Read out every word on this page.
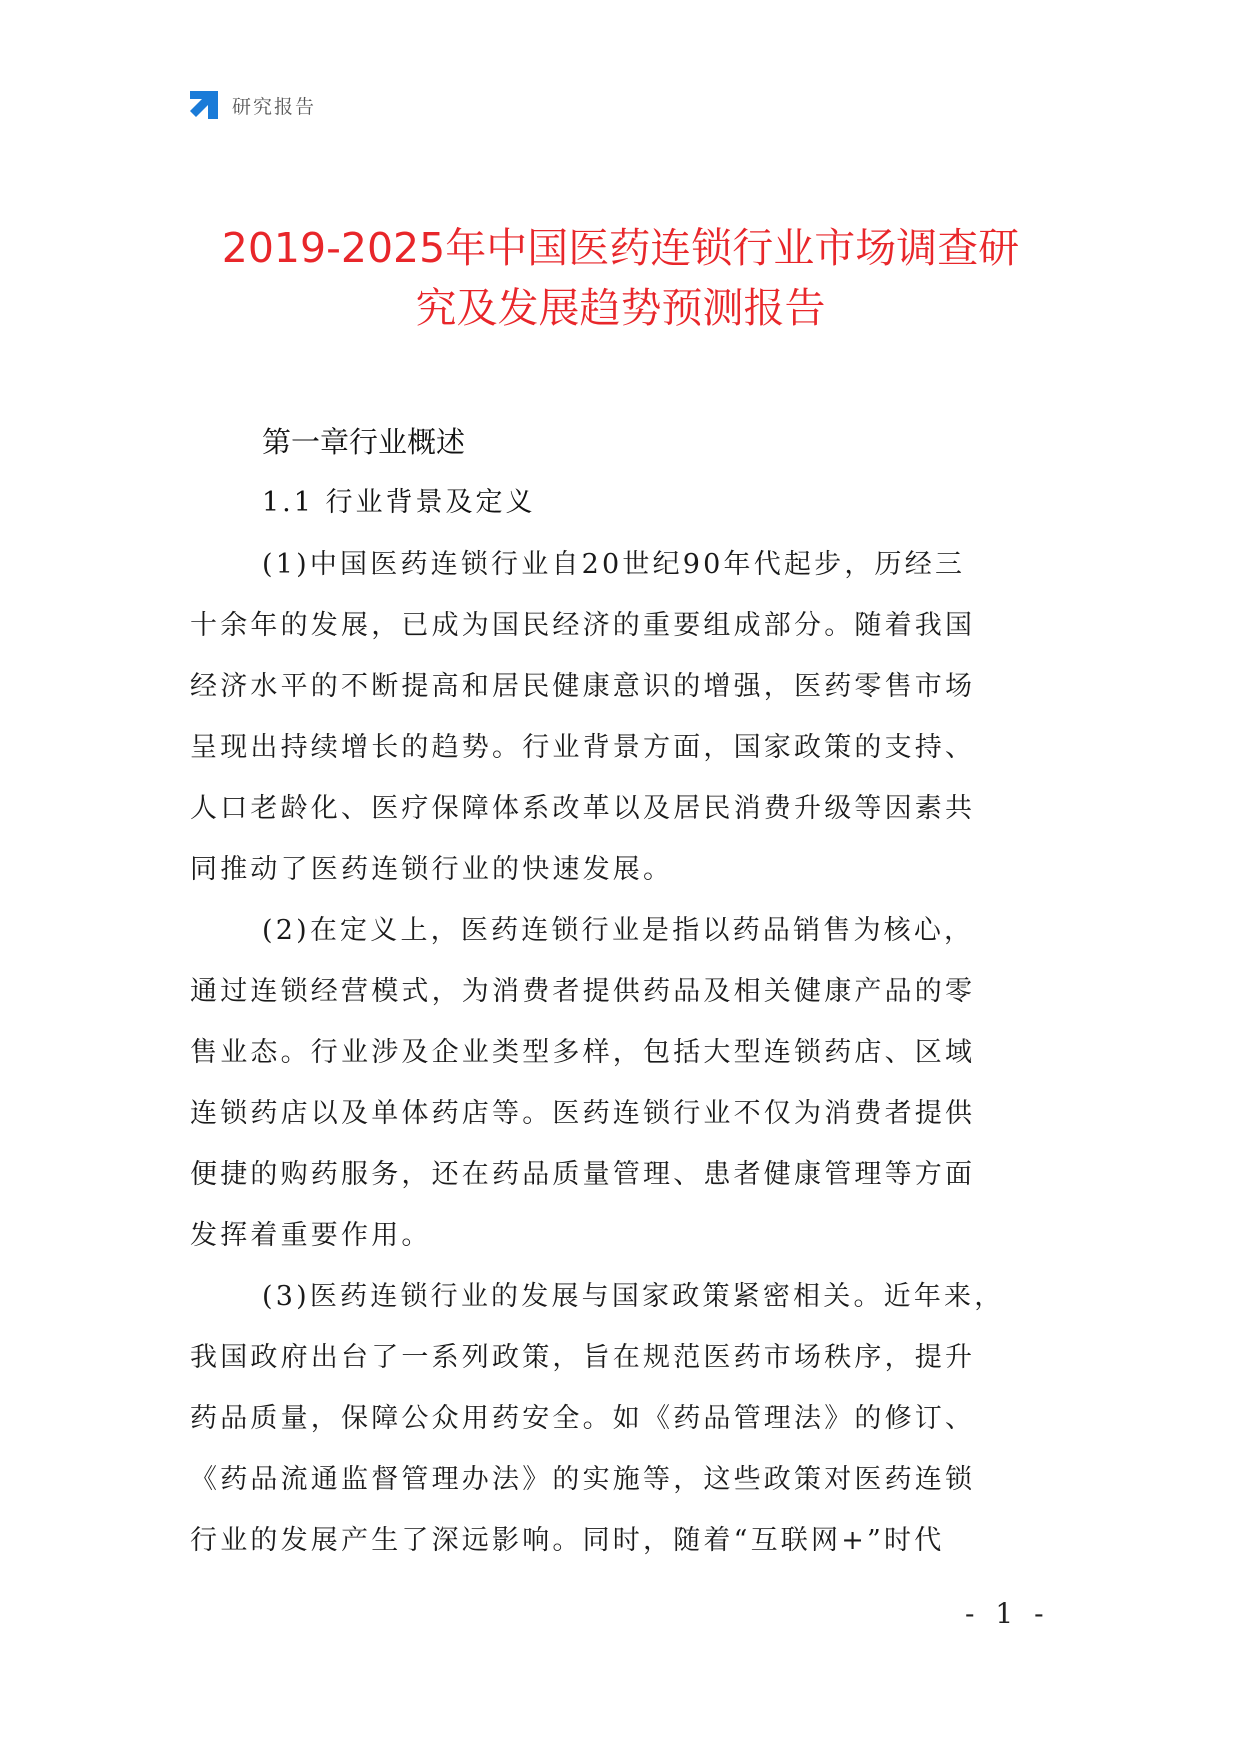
研究报告
2019-2025年中国医药连锁行业市场调查研
究及发展趋势预测报告
第一章行业概述
1.1 行业背景及定义

(1)中国医药连锁行业自20世纪90年代起步，历经三
十余年的发展，已成为国民经济的重要组成部分。随着我国
经济水平的不断提高和居民健康意识的增强，医药零售市场
呈现出持续增长的趋势。行业背景方面，国家政策的支持、
人口老龄化、医疗保障体系改革以及居民消费升级等因素共
同推动了医药连锁行业的快速发展。

(2)在定义上，医药连锁行业是指以药品销售为核心，
通过连锁经营模式，为消费者提供药品及相关健康产品的零
售业态。行业涉及企业类型多样，包括大型连锁药店、区域
连锁药店以及单体药店等。医药连锁行业不仅为消费者提供
便捷的购药服务，还在药品质量管理、患者健康管理等方面
发挥着重要作用。

(3)医药连锁行业的发展与国家政策紧密相关。近年来，
我国政府出台了一系列政策，旨在规范医药市场秩序，提升
药品质量，保障公众用药安全。如《药品管理法》的修订、
《药品流通监督管理办法》的实施等，这些政策对医药连锁
行业的发展产生了深远影响。同时，随着“互联网+”时代

- 1 -
